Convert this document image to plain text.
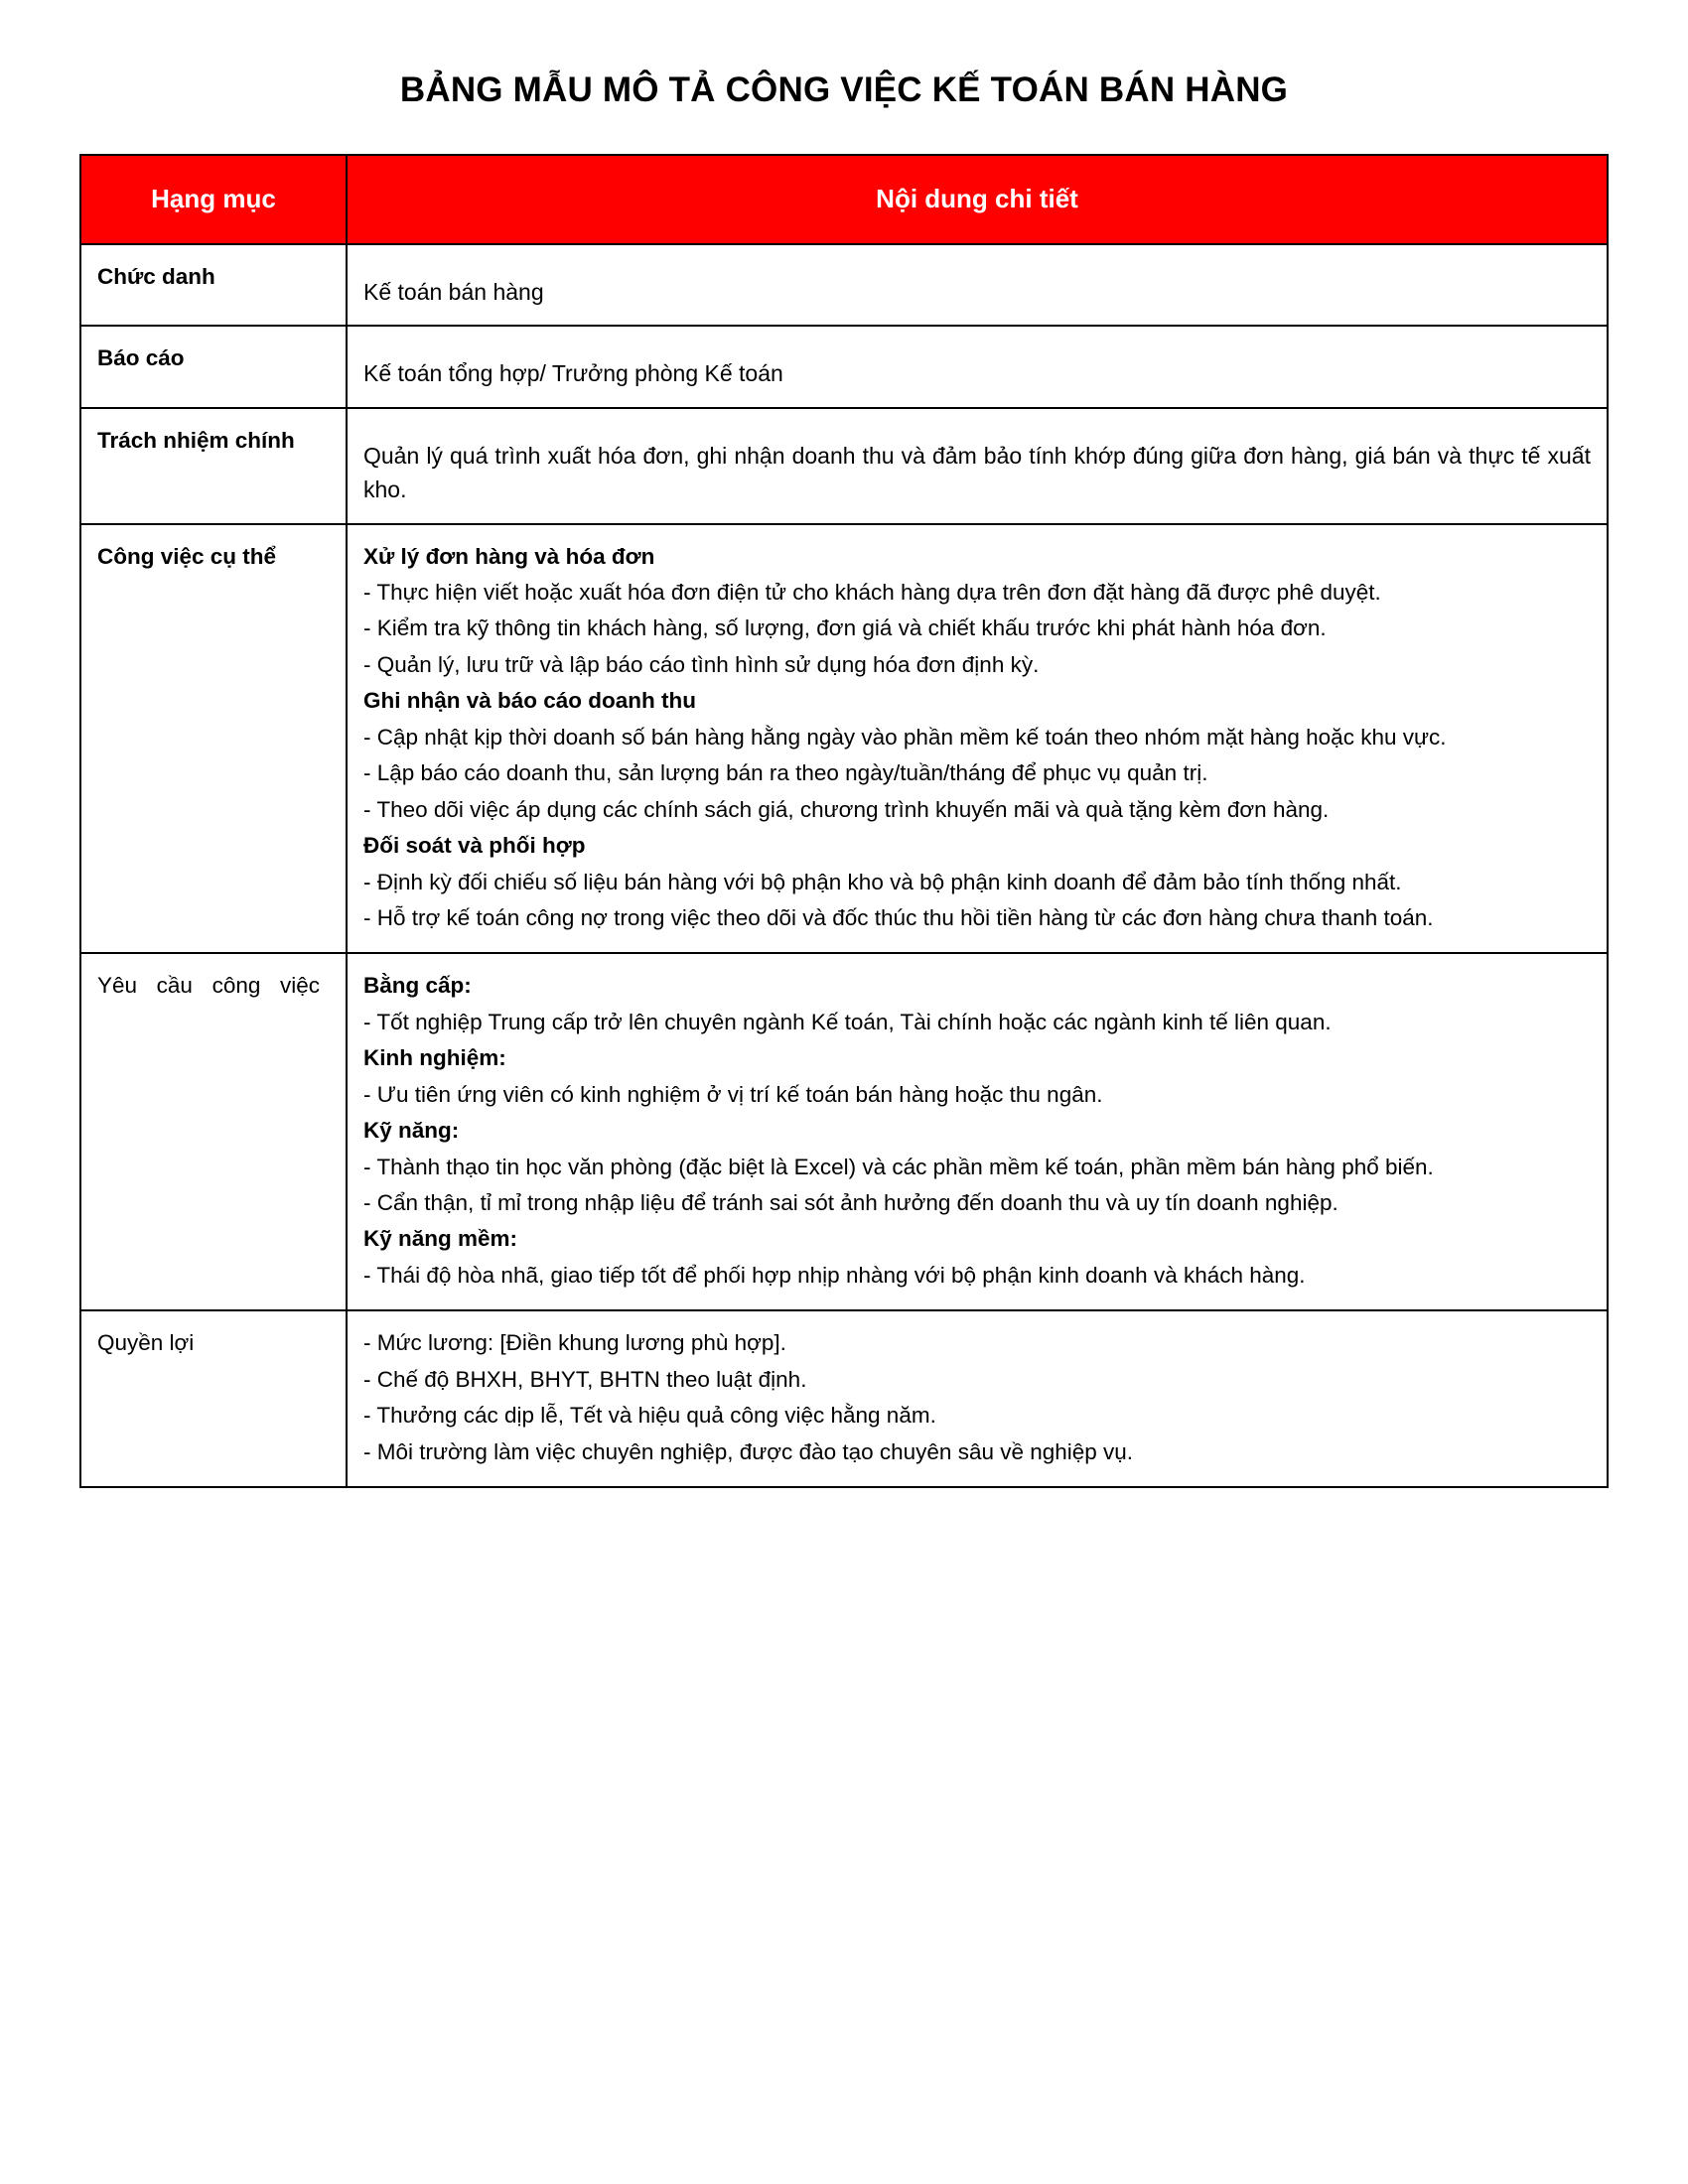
BẢNG MẪU MÔ TẢ CÔNG VIỆC KẾ TOÁN BÁN HÀNG
Hạng mục	Nội dung chi tiết
Chức danh	Kế toán bán hàng

Báo cáo	Kế toán tổng hợp/ Trưởng phòng Kế toán

Trách nhiệm chính	Quản lý quá trình xuất hóa đơn, ghi nhận doanh thu và đảm bảo tính khớp đúng giữa đơn hàng, giá bán và thực tế xuất kho.

Công việc cụ thể	Xử lý đơn hàng và hóa đơn

- Thực hiện viết hoặc xuất hóa đơn điện tử cho khách hàng dựa trên đơn đặt hàng đã được phê duyệt.

- Kiểm tra kỹ thông tin khách hàng, số lượng, đơn giá và chiết khấu trước khi phát hành hóa đơn.

- Quản lý, lưu trữ và lập báo cáo tình hình sử dụng hóa đơn định kỳ.

Ghi nhận và báo cáo doanh thu

- Cập nhật kịp thời doanh số bán hàng hằng ngày vào phần mềm kế toán theo nhóm mặt hàng hoặc khu vực.

- Lập báo cáo doanh thu, sản lượng bán ra theo ngày/tuần/tháng để phục vụ quản trị.

- Theo dõi việc áp dụng các chính sách giá, chương trình khuyến mãi và quà tặng kèm đơn hàng.

Đối soát và phối hợp

- Định kỳ đối chiếu số liệu bán hàng với bộ phận kho và bộ phận kinh doanh để đảm bảo tính thống nhất.

- Hỗ trợ kế toán công nợ trong việc theo dõi và đốc thúc thu hồi tiền hàng từ các đơn hàng chưa thanh toán.

Yêu cầu công việc	Bằng cấp:

- Tốt nghiệp Trung cấp trở lên chuyên ngành Kế toán, Tài chính hoặc các ngành kinh tế liên quan.

Kinh nghiệm:

- Ưu tiên ứng viên có kinh nghiệm ở vị trí kế toán bán hàng hoặc thu ngân.

Kỹ năng:

- Thành thạo tin học văn phòng (đặc biệt là Excel) và các phần mềm kế toán, phần mềm bán hàng phổ biến.

- Cẩn thận, tỉ mỉ trong nhập liệu để tránh sai sót ảnh hưởng đến doanh thu và uy tín doanh nghiệp.

Kỹ năng mềm:

- Thái độ hòa nhã, giao tiếp tốt để phối hợp nhịp nhàng với bộ phận kinh doanh và khách hàng.

Quyền lợi	- Mức lương: [Điền khung lương phù hợp].

- Chế độ BHXH, BHYT, BHTN theo luật định.

- Thưởng các dịp lễ, Tết và hiệu quả công việc hằng năm.

- Môi trường làm việc chuyên nghiệp, được đào tạo chuyên sâu về nghiệp vụ.
